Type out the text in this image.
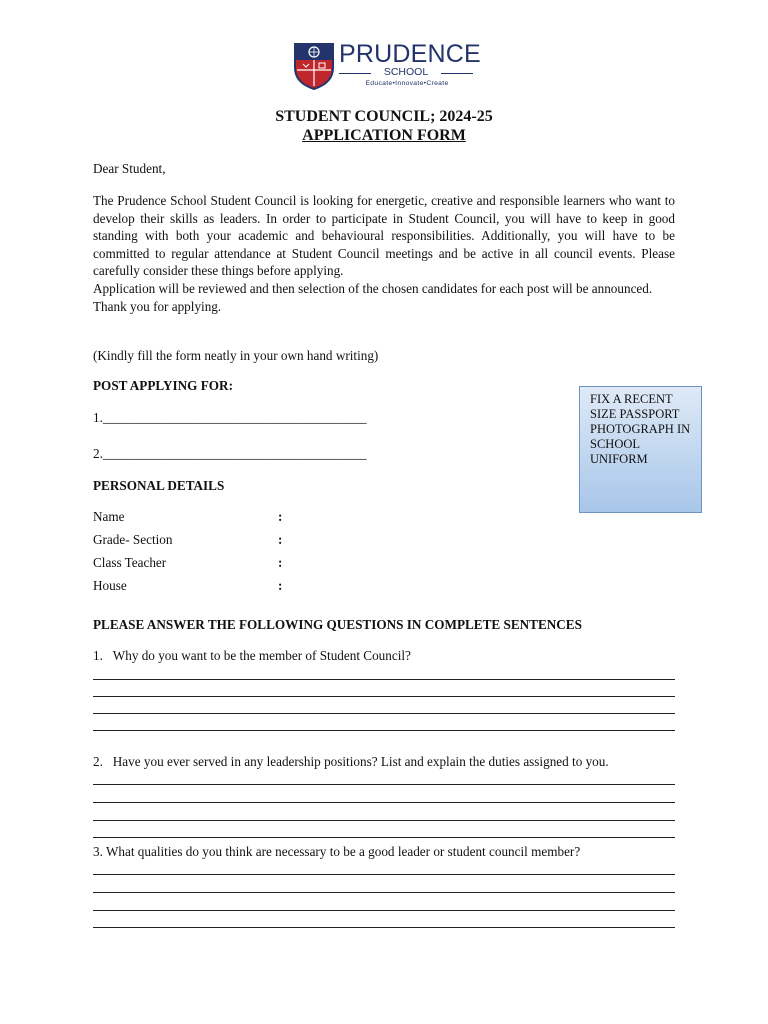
PRUDENCE
SCHOOL
Educate•Innovate•Create
STUDENT COUNCIL; 2024-25
APPLICATION FORM
Dear Student,

The Prudence School Student Council is looking for energetic, creative and responsible learners who want to develop their skills as leaders. In order to participate in Student Council, you will have to keep in good standing with both your academic and behavioural responsibilities. Additionally, you will have to be committed to regular attendance at Student Council meetings and be active in all council events. Please carefully consider these things before applying.

Application will be reviewed and then selection of the chosen candidates for each post will be announced.

Thank you for applying.

(Kindly fill the form neatly in your own hand writing)
POST APPLYING FOR:
1.________________________________________
2.________________________________________
FIX A RECENT SIZE PASSPORT PHOTOGRAPH IN SCHOOL UNIFORM
PERSONAL DETAILS
Name	:
Grade- Section	:
Class Teacher	:
House	:
PLEASE ANSWER THE FOLLOWING QUESTIONS IN COMPLETE SENTENCES
1.   Why do you want to be the member of Student Council?
2.   Have you ever served in any leadership positions? List and explain the duties assigned to you.
3. What qualities do you think are necessary to be a good leader or student council member?
